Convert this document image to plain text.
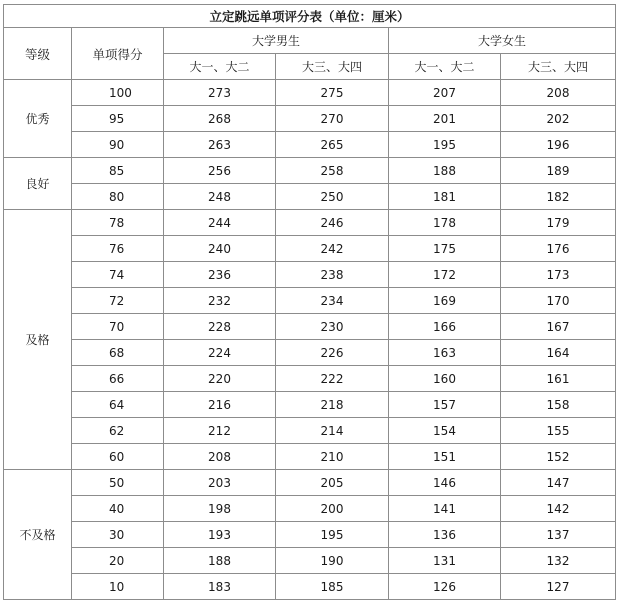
立定跳远单项评分表（单位：厘米）					
等级	单项得分	大学男生		大学女生	
		大一、大二	大三、大四	大一、大二	大三、大四
优秀	100	273	275	207	208
	95	268	270	201	202
	90	263	265	195	196
良好	85	256	258	188	189
	80	248	250	181	182
及格	78	244	246	178	179
	76	240	242	175	176
	74	236	238	172	173
	72	232	234	169	170
	70	228	230	166	167
	68	224	226	163	164
	66	220	222	160	161
	64	216	218	157	158
	62	212	214	154	155
	60	208	210	151	152
不及格	50	203	205	146	147
	40	198	200	141	142
	30	193	195	136	137
	20	188	190	131	132
	10	183	185	126	127
